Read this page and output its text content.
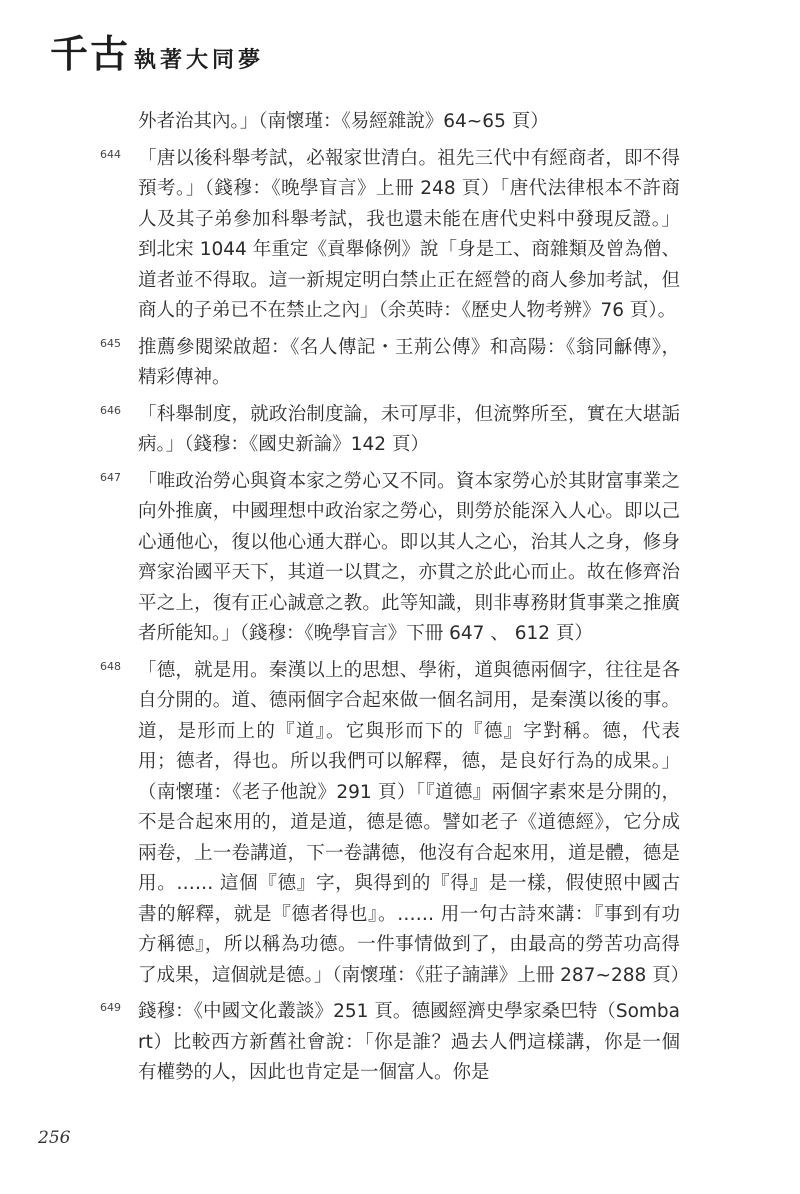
千古 執著大同夢
外者治其內。」（南懷瑾：《易經雜說》64~65 頁）
644 「唐以後科舉考試，必報家世清白。祖先三代中有經商者，即不得預考。」（錢穆：《晚學盲言》上冊 248 頁）「唐代法律根本不許商人及其子弟參加科舉考試，我也還未能在唐代史料中發現反證。」到北宋 1044 年重定《貢舉條例》說「身是工、商雜類及曾為僧、道者並不得取。這一新規定明白禁止正在經營的商人參加考試，但商人的子弟已不在禁止之內」（余英時：《歷史人物考辨》76 頁）。
645 推薦參閱梁啟超：《名人傳記・王荊公傳》和高陽：《翁同龢傳》，精彩傳神。
646 「科舉制度，就政治制度論，未可厚非，但流弊所至，實在大堪詬病。」（錢穆：《國史新論》142 頁）
647 「唯政治勞心與資本家之勞心又不同。資本家勞心於其財富事業之向外推廣，中國理想中政治家之勞心，則勞於能深入人心。即以己心通他心，復以他心通大群心。即以其人之心，治其人之身，修身齊家治國平天下，其道一以貫之，亦貫之於此心而止。故在修齊治平之上，復有正心誠意之教。此等知識，則非專務財貨事業之推廣者所能知。」（錢穆：《晚學盲言》下冊 647 、 612 頁）
648 「德，就是用。秦漢以上的思想、學術，道與德兩個字，往往是各自分開的。道、德兩個字合起來做一個名詞用，是秦漢以後的事。道，是形而上的『道』。它與形而下的『德』字對稱。德，代表用；德者，得也。所以我們可以解釋，德，是良好行為的成果。」（南懷瑾：《老子他說》291 頁）「『道德』兩個字素來是分開的，不是合起來用的，道是道，德是德。譬如老子《道德經》，它分成兩卷，上一卷講道，下一卷講德，他沒有合起來用，道是體，德是用。…… 這個『德』字，與得到的『得』是一樣，假使照中國古書的解釋，就是『德者得也』。…… 用一句古詩來講：『事到有功方稱德』，所以稱為功德。一件事情做到了，由最高的勞苦功高得了成果，這個就是德。」（南懷瑾：《莊子諵譁》上冊 287~288 頁）
649 錢穆：《中國文化叢談》251 頁。德國經濟史學家桑巴特（Sombart）比較西方新舊社會說：「你是誰？過去人們這樣講，你是一個有權勢的人，因此也肯定是一個富人。你是
256
